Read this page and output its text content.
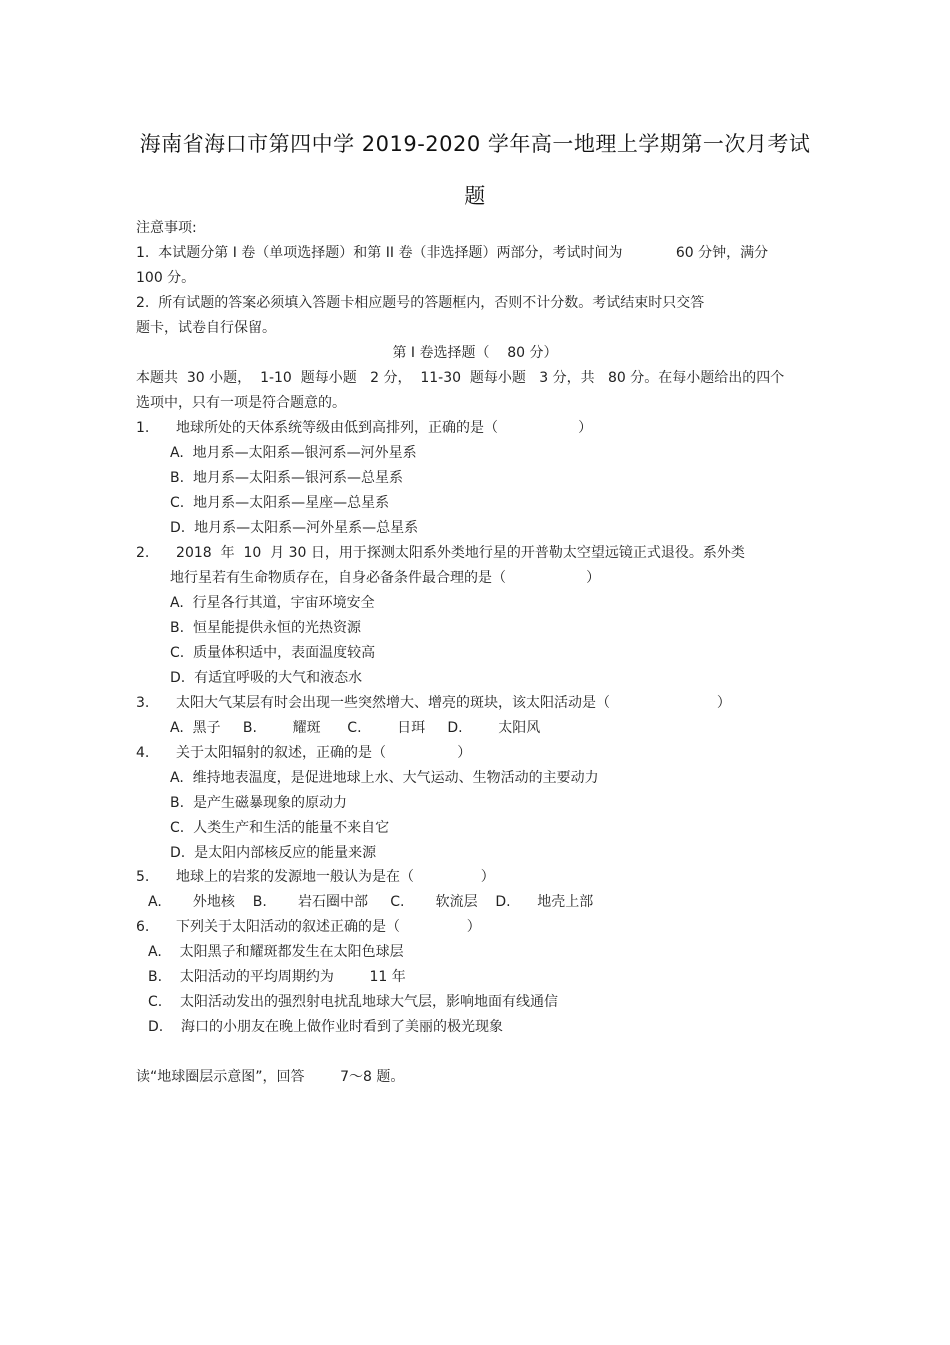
海南省海口市第四中学 2019-2020 学年高一地理上学期第一次月考试
题
注意事项:
1.  本试题分第 I 卷（单项选择题）和第 II 卷（非选择题）两部分，考试时间为            60 分钟，满分
100 分。
2.  所有试题的答案必须填入答题卡相应题号的答题框内，否则不计分数。考试结束时只交答
题卡，试卷自行保留。
第 I 卷选择题（    80 分）
本题共  30 小题，  1-10  题每小题   2 分，  11-30  题每小题   3 分，共   80 分。在每小题给出的四个
选项中，只有一项是符合题意的。
1.      地球所处的天体系统等级由低到高排列，正确的是（                  ）
A.  地月系—太阳系—银河系—河外星系
B.  地月系—太阳系—银河系—总星系
C.  地月系—太阳系—星座—总星系
D.  地月系—太阳系—河外星系—总星系
2.      2018  年  10  月 30 日，用于探测太阳系外类地行星的开普勒太空望远镜正式退役。系外类
地行星若有生命物质存在，自身必备条件最合理的是（                  ）
A.  行星各行其道，宇宙环境安全
B.  恒星能提供永恒的光热资源
C.  质量体积适中，表面温度较高
D.  有适宜呼吸的大气和液态水
3.      太阳大气某层有时会出现一些突然增大、增亮的斑块，该太阳活动是（                        ）
A.  黑子     B.        耀斑      C.        日珥     D.        太阳风
4.      关于太阳辐射的叙述，正确的是（                ）
A.  维持地表温度，是促进地球上水、大气运动、生物活动的主要动力
B.  是产生磁暴现象的原动力
C.  人类生产和生活的能量不来自它
D.  是太阳内部核反应的能量来源
5.      地球上的岩浆的发源地一般认为是在（               ）
A.       外地核    B.       岩石圈中部     C.       软流层    D.      地壳上部
6.      下列关于太阳活动的叙述正确的是（               ）
A.    太阳黑子和耀斑都发生在太阳色球层
B.    太阳活动的平均周期约为        11 年
C.    太阳活动发出的强烈射电扰乱地球大气层，影响地面有线通信
D.    海口的小朋友在晚上做作业时看到了美丽的极光现象
读“地球圈层示意图”，回答        7～8 题。
